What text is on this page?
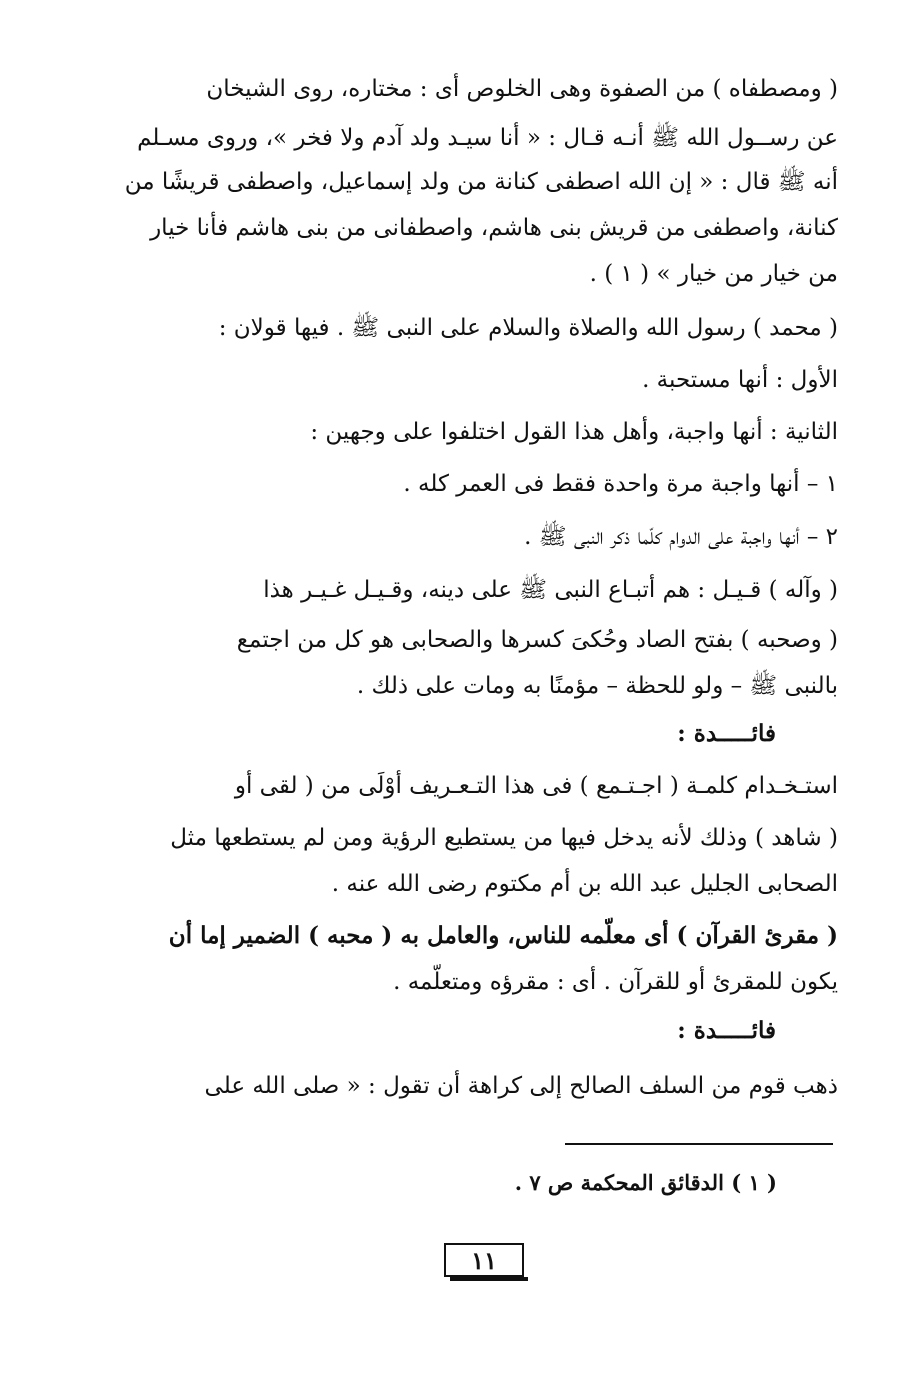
( ومصطفاه ) من الصفوة وهى الخلوص أى : مختاره، روى الشيخان
عن رســول الله ﷺ أنـه قـال : « أنا سيـد ولد آدم ولا فخر »، وروى مسـلم
أنه ﷺ قال : « إن الله اصطفى كنانة من ولد إسماعيل، واصطفى قريشًا من
كنانة، واصطفى من قريش بنى هاشم، واصطفانى من بنى هاشم فأنا خيار
من خيار من خيار » ( ١ ) .
( محمد ) رسول الله والصلاة والسلام على النبى ﷺ . فيها قولان :
الأول : أنها مستحبة .
الثانية : أنها واجبة، وأهل هذا القول اختلفوا على وجهين :
١ – أنها واجبة مرة واحدة فقط فى العمر كله .
٢ – أنها واجبة على الدوام كلّما ذكر النبى ﷺ .
( وآله ) قـيـل : هم أتبـاع النبى ﷺ على دينه، وقـيـل غـيـر هذا
( وصحبه ) بفتح الصاد وحُكىَ كسرها والصحابى هو كل من اجتمع
بالنبى ﷺ – ولو للحظة – مؤمنًا به ومات على ذلك .
فائـــــدة :
استـخـدام كلمـة ( اجـتـمع ) فى هذا التـعـريف أوْلَى من ( لقى أو
( شاهد ) وذلك لأنه يدخل فيها من يستطيع الرؤية ومن لم يستطعها مثل
الصحابى الجليل عبد الله بن أم مكتوم رضى الله عنه .
( مقرئ القرآن ) أى معلّمه للناس، والعامل به ( محبه ) الضمير إما أن
يكون للمقرئ أو للقرآن . أى : مقرؤه ومتعلّمه .
فائـــــدة :
ذهب قوم من السلف الصالح إلى كراهة أن تقول : « صلى الله على
( ١ ) الدقائق المحكمة ص ٧ .
١١
